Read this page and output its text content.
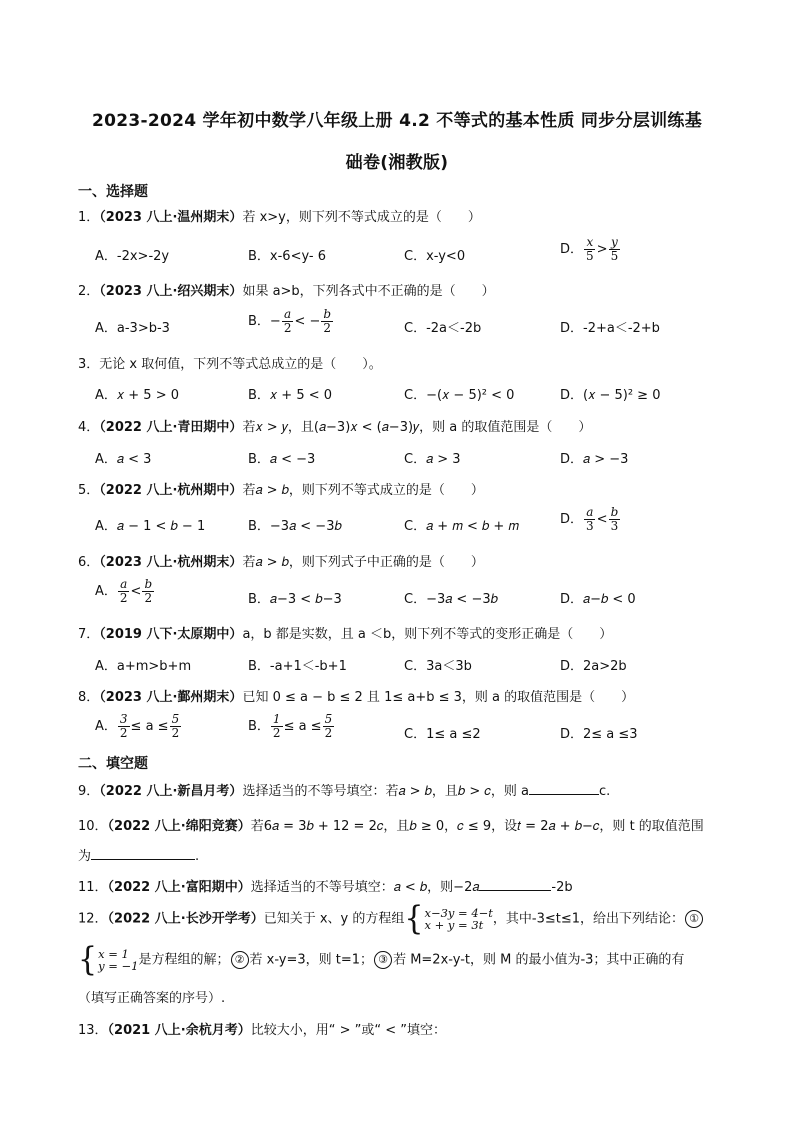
2023-2024 学年初中数学八年级上册 4.2 不等式的基本性质 同步分层训练基
础卷(湘教版)
一、选择题
1．（2023 八上·温州期末）若 x>y，则下列不等式成立的是（　　）
A．-2x>-2y	B．x-6<y- 6	C．x-y<0	D． $\frac{x}{5} > \frac{y}{5}$
2．（2023 八上·绍兴期末）如果 a>b，下列各式中不正确的是（　　）
A．a-3>b-3	B．− $\frac{a}{2}$ < − $\frac{b}{2}$	C．-2a＜-2b	D．-2+a＜-2+b
3．无论 x 取何值，下列不等式总成立的是（　　）。
A．𝑥 + 5 > 0	B．𝑥 + 5 < 0	C．−(𝑥 − 5)² < 0	D．(𝑥 − 5)² ≥ 0
4．（2022 八上·青田期中）若𝑥 > 𝑦，且(𝑎−3)𝑥 < (𝑎−3)𝑦，则 a 的取值范围是（　　）
A．𝑎 < 3	B．𝑎 < −3	C．𝑎 > 3	D．𝑎 > −3
5．（2022 八上·杭州期中）若𝑎 > 𝑏，则下列不等式成立的是（　　）
A．𝑎 − 1 < 𝑏 − 1	B．−3𝑎 < −3𝑏	C．𝑎 + 𝑚 < 𝑏 + 𝑚	D． $\frac{a}{3} < \frac{b}{3}$
6．（2023 八上·杭州期末）若𝑎 > 𝑏，则下列式子中正确的是（　　）
A． $\frac{a}{2} < \frac{b}{2}$	B．𝑎−3 < 𝑏−3	C．−3𝑎 < −3𝑏	D．𝑎−𝑏 < 0
7．（2019 八下·太原期中）a，b 都是实数，且 a ＜b，则下列不等式的变形正确是（　　）
A．a+m>b+m	B．-a+1＜-b+1	C．3a＜3b	D．2a>2b
8．（2023 八上·鄞州期末）已知 0 ≤ a − b ≤ 2 且 1≤ a+b ≤ 3，则 a 的取值范围是（　　）
A． $\frac{3}{2} \le a \le \frac{5}{2}$	B． $\frac{1}{2} \le a \le \frac{5}{2}$	C．1≤ a ≤2	D．2≤ a ≤3
二、填空题
9．（2022 八上·新昌月考）选择适当的不等号填空：若𝑎 > 𝑏，且𝑏 > 𝑐，则 a	c.
10．（2022 八上·绵阳竞赛）若6𝑎 = 3𝑏 + 12 = 2𝑐，且𝑏 ≥ 0，𝑐 ≤ 9，设𝑡 = 2𝑎 + 𝑏−𝑐，则 t 的取值范围
为	.
11．（2022 八上·富阳期中）选择适当的不等号填空：𝑎 < 𝑏，则−2𝑎	-2b
12．（2022 八上·长沙开学考）已知关于 x、y 的方程组 { x−3y = 4−t
x + y = 3t ，其中-3≤t≤1，给出下列结论： ①
{ x = 1
y = −1 是方程组的解； ② 若 x-y=3，则 t=1； ③ 若 M=2x-y-t，则 M 的最小值为-3；其中正确的有
（填写正确答案的序号）.
13．（2021 八上·余杭月考）比较大小，用“ > ”或“ < ”填空：
